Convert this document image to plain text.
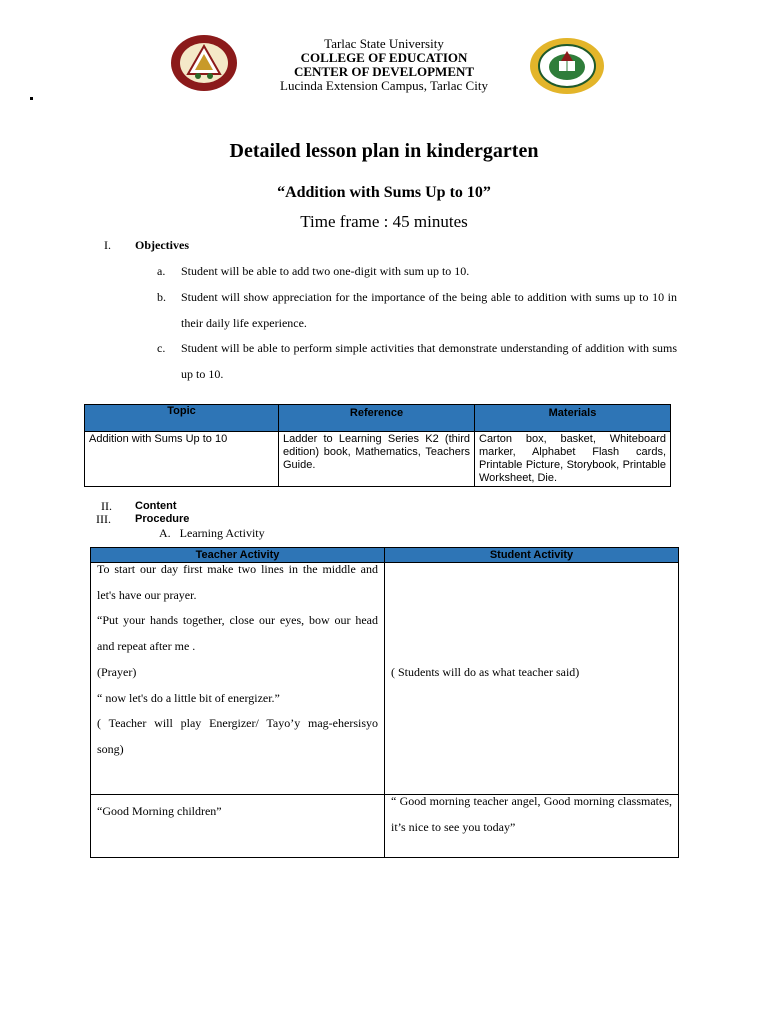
Tarlac State University
COLLEGE OF EDUCATION
CENTER OF DEVELOPMENT
Lucinda Extension Campus, Tarlac City
Detailed lesson plan in kindergarten
“Addition with Sums Up to 10”
Time frame : 45 minutes
I. Objectives
a. Student will be able to add two one-digit with sum up to 10.
b. Student will show appreciation for the importance of the being able to addition with sums up to 10 in their daily life experience.
c. Student will be able to perform simple activities that demonstrate understanding of addition with sums up to 10.
Topic	Reference	Materials
Addition with Sums Up to 10	Ladder to Learning Series K2 (third edition) book, Mathematics, Teachers Guide.	Carton box, basket, Whiteboard marker, Alphabet Flash cards, Printable Picture, Storybook, Printable Worksheet, Die.
II. Content
III. Procedure
A.   Learning Activity
Teacher Activity	Student Activity

To start our day first make two lines in the middle and let's have our prayer.
“Put your hands together, close our eyes, bow our head and repeat after me .
(Prayer)
“ now let's do a little bit of energizer.”
( Teacher will play Energizer/ Tayo’y mag-ehersisyo song)	( Students will do as what teacher said)

“Good Morning children”	“ Good morning teacher angel, Good morning classmates, it’s nice to see you today”
